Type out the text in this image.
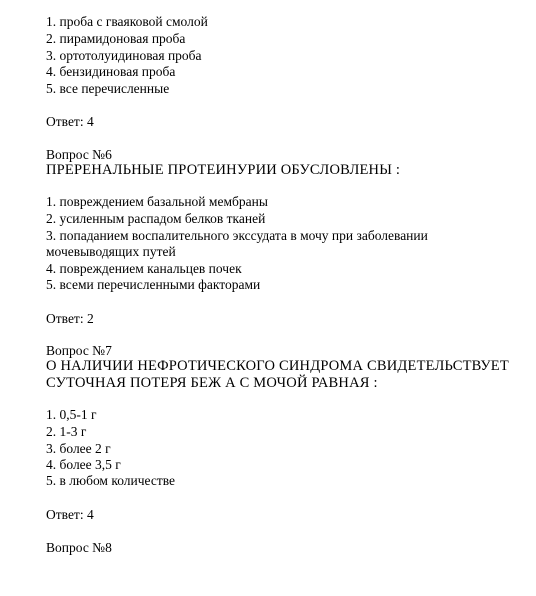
1. проба с гваяковой смолой
2. пирамидоновая проба
3. ортотолуидиновая проба
4. бензидиновая проба
5. все перечисленные
Ответ: 4
Вопрос №6
ПРЕРЕНАЛЬНЫЕ ПРОТЕИНУРИИ ОБУСЛОВЛЕНЫ :
1. повреждением базальной мембраны
2. усиленным распадом белков тканей
3. попаданием воспалительного экссудата в мочу при заболевании
мочевыводящих путей
4. повреждением канальцев почек
5. всеми перечисленными факторами
Ответ: 2
Вопрос №7
О НАЛИЧИИ НЕФРОТИЧЕСКОГО СИНДРОМА СВИДЕТЕЛЬСТВУЕТ
СУТОЧНАЯ ПОТЕРЯ БЕЖ А С МОЧОЙ РАВНАЯ :
1. 0,5-1 г
2. 1-3 г
3. более 2 г
4. более 3,5 г
5. в любом количестве
Ответ: 4
Вопрос №8
